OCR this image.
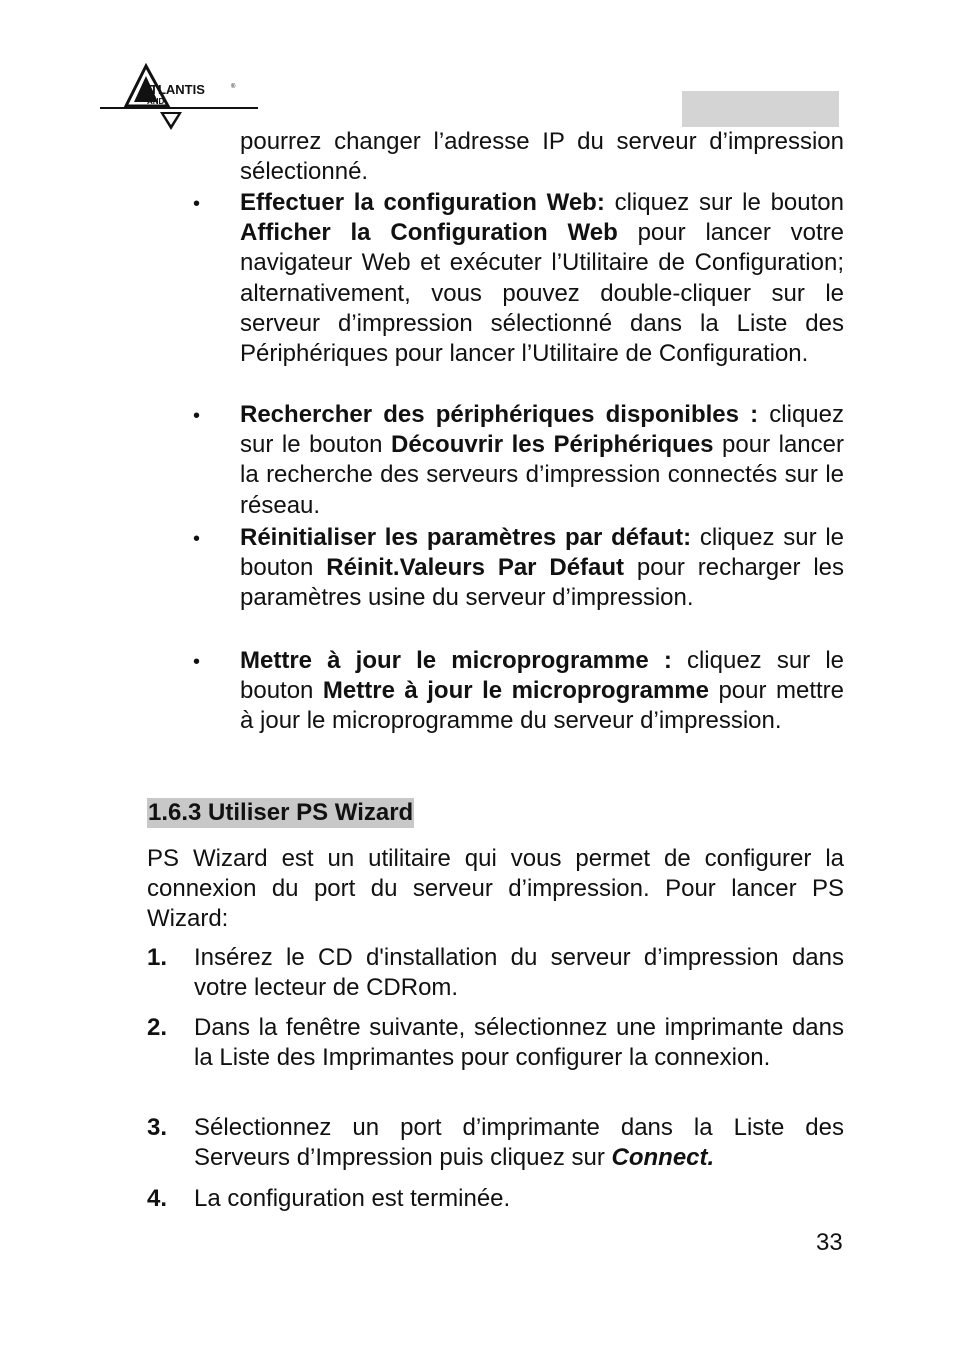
TLANTIS
AND
®

pourrez changer l’adresse IP du serveur d’impression sélectionné.

• Effectuer la configuration Web: cliquez sur le bouton Afficher la Configuration Web pour lancer votre navigateur Web et exécuter l’Utilitaire de Configuration; alternativement, vous pouvez double-cliquer sur le serveur d’impression sélectionné dans la Liste des Périphériques pour lancer l’Utilitaire de Configuration.

• Rechercher des périphériques disponibles : cliquez sur le bouton Découvrir les Périphériques pour lancer la recherche des serveurs d’impression connectés sur le réseau.

• Réinitialiser les paramètres par défaut: cliquez sur le bouton Réinit.Valeurs Par Défaut pour recharger les paramètres usine du serveur d’impression.

• Mettre à jour le microprogramme : cliquez sur le bouton Mettre à jour le microprogramme pour mettre à jour le microprogramme du serveur d’impression.

1.6.3 Utiliser PS Wizard

PS Wizard est un utilitaire qui vous permet de configurer la connexion du port du serveur d’impression. Pour lancer PS Wizard:

1. Insérez le CD d'installation du serveur d’impression dans votre lecteur de CDRom.

2. Dans la fenêtre suivante, sélectionnez une imprimante dans la Liste des Imprimantes pour configurer la connexion.

3. Sélectionnez un port d’imprimante dans la Liste des Serveurs d’Impression puis cliquez sur Connect.

4. La configuration est terminée.

33
